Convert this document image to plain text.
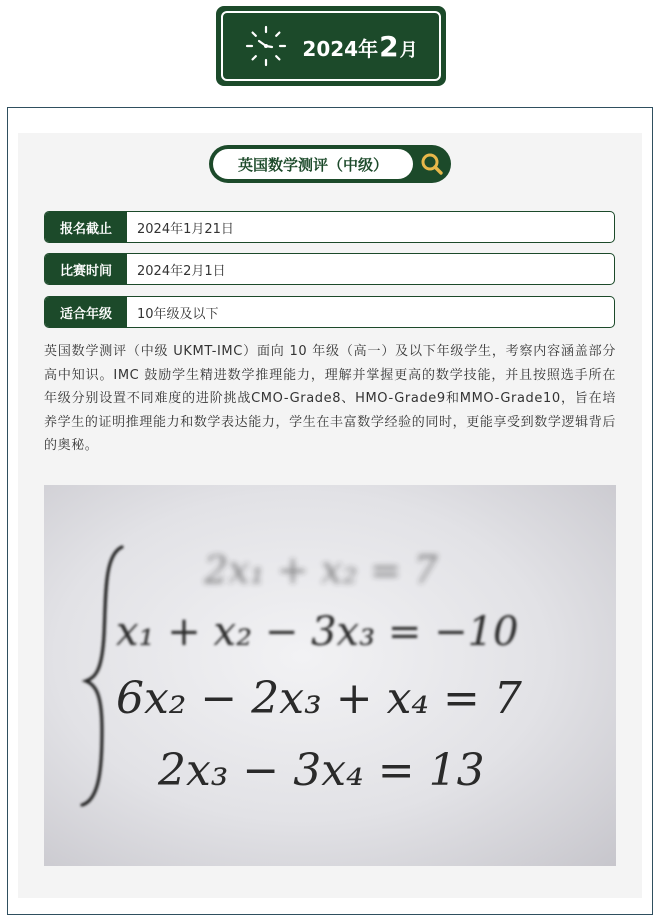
2024年 2 月
英国数学测评（中级）
报名截止	2024年1月21日
比赛时间	2024年2月1日
适合年级	10年级及以下

英国数学测评（中级 UKMT-IMC）面向 10 年级（高一）及以下年级学生，考察内容涵盖部分高中知识。IMC 鼓励学生精进数学推理能力，理解并掌握更高的数学技能，并且按照选手所在年级分别设置不同难度的进阶挑战CMO-Grade8、HMO-Grade9和MMO-Grade10，旨在培养学生的证明推理能力和数学表达能力，学生在丰富数学经验的同时，更能享受到数学逻辑背后的奥秘。

2x₁ + x₂ = 7
x₁ + x₂ − 3x₃ = −10
6x₂ − 2x₃ + x₄ = 7
2x₃ − 3x₄ = 13
